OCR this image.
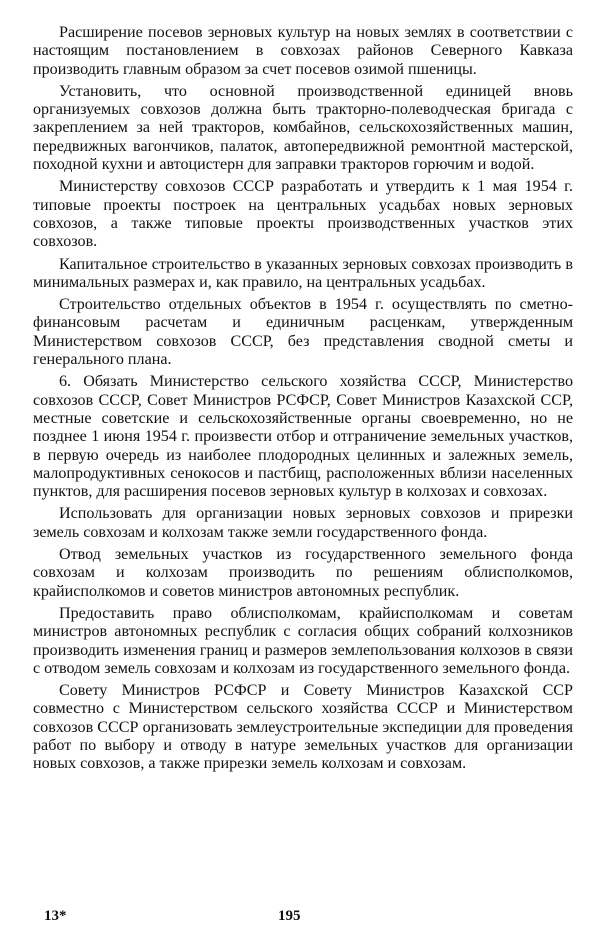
Расширение посевов зерновых культур на новых землях в соответствии с настоящим постановлением в совхозах районов Северного Кавказа производить главным образом за счет посевов озимой пшеницы.

Установить, что основной производственной единицей вновь организуемых совхозов должна быть тракторно-полеводческая бригада с закреплением за ней тракторов, комбайнов, сельскохозяйственных машин, передвижных вагончиков, палаток, автопередвижной ремонтной мастерской, походной кухни и автоцистерн для заправки тракторов горючим и водой.

Министерству совхозов СССР разработать и утвердить к 1 мая 1954 г. типовые проекты построек на центральных усадьбах новых зерновых совхозов, а также типовые проекты производственных участков этих совхозов.

Капитальное строительство в указанных зерновых совхозах производить в минимальных размерах и, как правило, на центральных усадьбах.

Строительство отдельных объектов в 1954 г. осуществлять по сметно-финансовым расчетам и единичным расценкам, утвержденным Министерством совхозов СССР, без представления сводной сметы и генерального плана.

6. Обязать Министерство сельского хозяйства СССР, Министерство совхозов СССР, Совет Министров РСФСР, Совет Министров Казахской ССР, местные советские и сельскохозяйственные органы своевременно, но не позднее 1 июня 1954 г. произвести отбор и отграничение земельных участков, в первую очередь из наиболее плодородных целинных и залежных земель, малопродуктивных сенокосов и пастбищ, расположенных вблизи населенных пунктов, для расширения посевов зерновых культур в колхозах и совхозах.

Использовать для организации новых зерновых совхозов и прирезки земель совхозам и колхозам также земли государственного фонда.

Отвод земельных участков из государственного земельного фонда совхозам и колхозам производить по решениям облисполкомов, крайисполкомов и советов министров автономных республик.

Предоставить право облисполкомам, крайисполкомам и советам министров автономных республик с согласия общих собраний колхозников производить изменения границ и размеров землепользования колхозов в связи с отводом земель совхозам и колхозам из государственного земельного фонда.

Совету Министров РСФСР и Совету Министров Казахской ССР совместно с Министерством сельского хозяйства СССР и Министерством совхозов СССР организовать землеустроительные экспедиции для проведения работ по выбору и отводу в натуре земельных участков для организации новых совхозов, а также прирезки земель колхозам и совхозам.

13*	195
